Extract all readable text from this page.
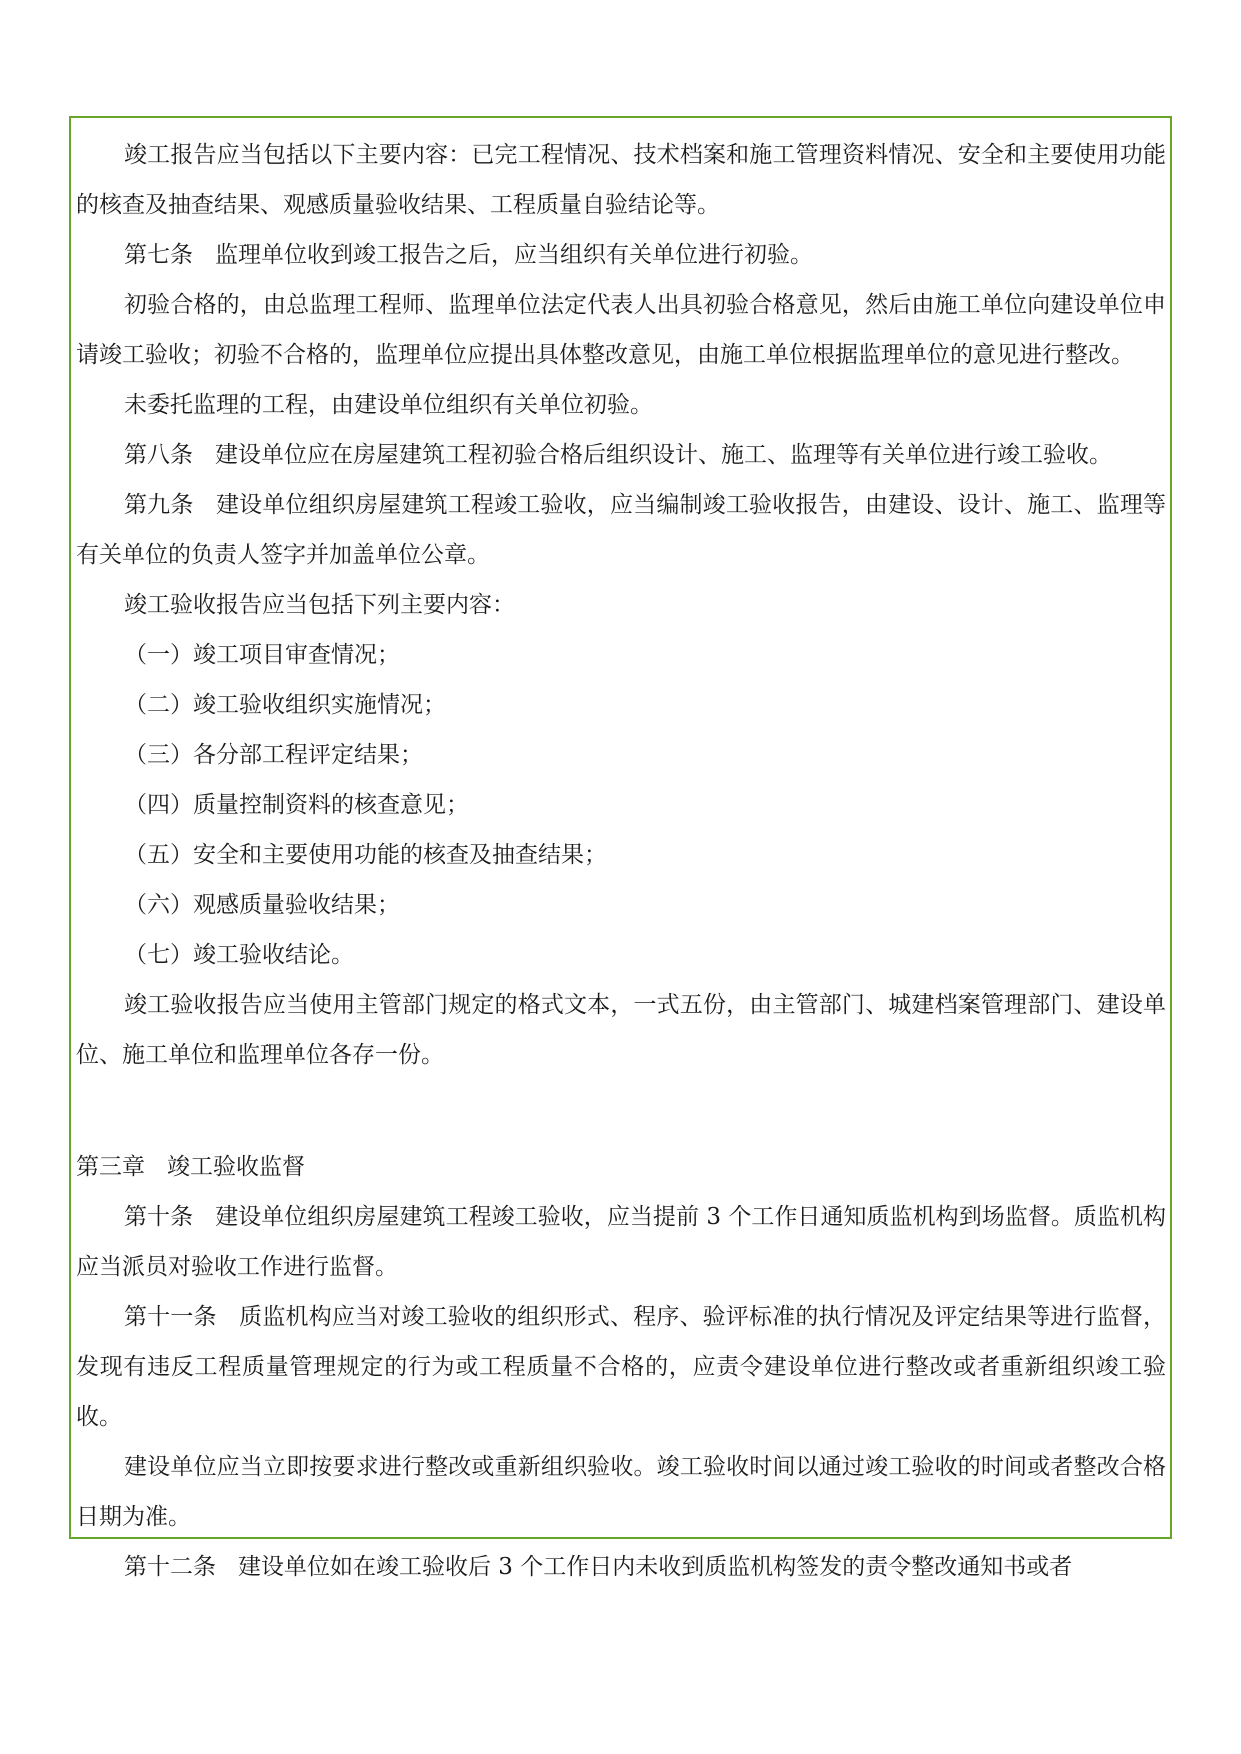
竣工报告应当包括以下主要内容：已完工程情况、技术档案和施工管理资料情况、安全和主要使用功能的核查及抽查结果、观感质量验收结果、工程质量自验结论等。

第七条 监理单位收到竣工报告之后，应当组织有关单位进行初验。

初验合格的，由总监理工程师、监理单位法定代表人出具初验合格意见，然后由施工单位向建设单位申请竣工验收；初验不合格的，监理单位应提出具体整改意见，由施工单位根据监理单位的意见进行整改。

未委托监理的工程，由建设单位组织有关单位初验。

第八条 建设单位应在房屋建筑工程初验合格后组织设计、施工、监理等有关单位进行竣工验收。

第九条 建设单位组织房屋建筑工程竣工验收，应当编制竣工验收报告，由建设、设计、施工、监理等有关单位的负责人签字并加盖单位公章。

竣工验收报告应当包括下列主要内容：

（一）竣工项目审查情况；

（二）竣工验收组织实施情况；

（三）各分部工程评定结果；

（四）质量控制资料的核查意见；

（五）安全和主要使用功能的核查及抽查结果；

（六）观感质量验收结果；

（七）竣工验收结论。

竣工验收报告应当使用主管部门规定的格式文本，一式五份，由主管部门、城建档案管理部门、建设单位、施工单位和监理单位各存一份。

第三章 竣工验收监督

第十条 建设单位组织房屋建筑工程竣工验收，应当提前 3 个工作日通知质监机构到场监督。质监机构应当派员对验收工作进行监督。

第十一条 质监机构应当对竣工验收的组织形式、程序、验评标准的执行情况及评定结果等进行监督，发现有违反工程质量管理规定的行为或工程质量不合格的，应责令建设单位进行整改或者重新组织竣工验收。

建设单位应当立即按要求进行整改或重新组织验收。竣工验收时间以通过竣工验收的时间或者整改合格日期为准。

第十二条 建设单位如在竣工验收后 3 个工作日内未收到质监机构签发的责令整改通知书或者
